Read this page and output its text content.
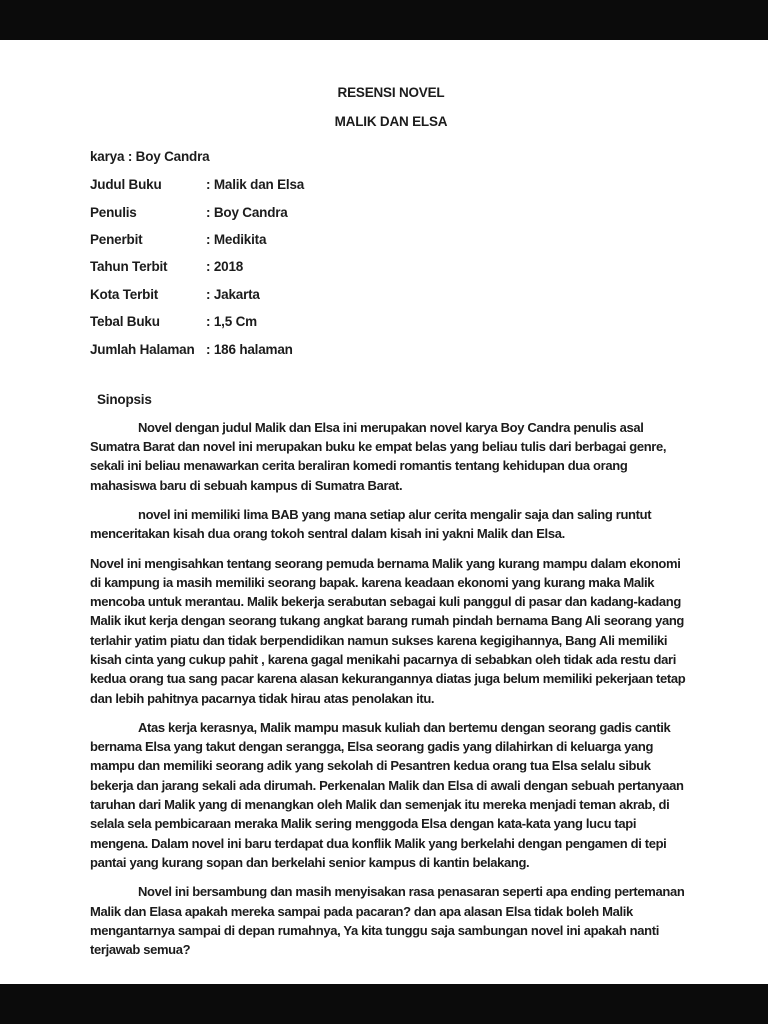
RESENSI NOVEL
MALIK DAN ELSA
karya : Boy Candra
Judul Buku	: Malik dan Elsa
Penulis	: Boy Candra
Penerbit	: Medikita
Tahun Terbit	: 2018
Kota Terbit	: Jakarta
Tebal Buku	: 1,5 Cm
Jumlah Halaman : 186 halaman
Sinopsis

Novel dengan judul Malik dan Elsa ini merupakan novel karya Boy Candra penulis asal Sumatra Barat dan novel ini merupakan buku ke empat belas yang beliau tulis dari berbagai genre, sekali ini beliau menawarkan cerita beraliran komedi romantis tentang kehidupan dua orang mahasiswa baru di sebuah kampus di Sumatra Barat.

novel ini memiliki lima BAB yang mana setiap alur cerita mengalir saja dan saling runtut menceritakan kisah dua orang tokoh sentral dalam kisah ini yakni Malik dan Elsa.

Novel ini mengisahkan tentang seorang pemuda bernama Malik yang kurang mampu dalam ekonomi di kampung ia masih memiliki seorang bapak. karena keadaan ekonomi yang kurang maka Malik mencoba untuk merantau. Malik bekerja serabutan sebagai kuli panggul di pasar dan kadang-kadang Malik ikut kerja dengan seorang tukang angkat barang rumah pindah bernama Bang Ali seorang yang terlahir yatim piatu dan tidak berpendidikan namun sukses karena kegigihannya, Bang Ali memiliki kisah cinta yang cukup pahit , karena gagal menikahi pacarnya di sebabkan oleh tidak ada restu dari kedua orang tua sang pacar karena alasan kekurangannya diatas juga belum memiliki pekerjaan tetap dan lebih pahitnya pacarnya tidak hirau atas penolakan itu.

Atas kerja kerasnya, Malik mampu masuk kuliah dan bertemu dengan seorang gadis cantik bernama Elsa yang takut dengan serangga, Elsa seorang gadis yang dilahirkan di keluarga yang mampu dan memiliki seorang adik yang sekolah di Pesantren kedua orang tua Elsa selalu sibuk bekerja dan jarang sekali ada dirumah. Perkenalan Malik dan Elsa di awali dengan sebuah pertanyaan taruhan dari Malik yang di menangkan oleh Malik dan semenjak itu mereka menjadi teman akrab, di selala sela pembicaraan meraka Malik sering menggoda Elsa dengan kata-kata yang lucu tapi mengena. Dalam novel ini baru terdapat dua konflik Malik yang berkelahi dengan pengamen di tepi pantai yang kurang sopan dan berkelahi senior kampus di kantin belakang.

Novel ini bersambung dan masih menyisakan rasa penasaran seperti apa ending pertemanan Malik dan Elasa apakah mereka sampai pada pacaran? dan apa alasan Elsa tidak boleh Malik mengantarnya sampai di depan rumahnya, Ya kita tunggu saja sambungan novel ini apakah nanti terjawab semua?
